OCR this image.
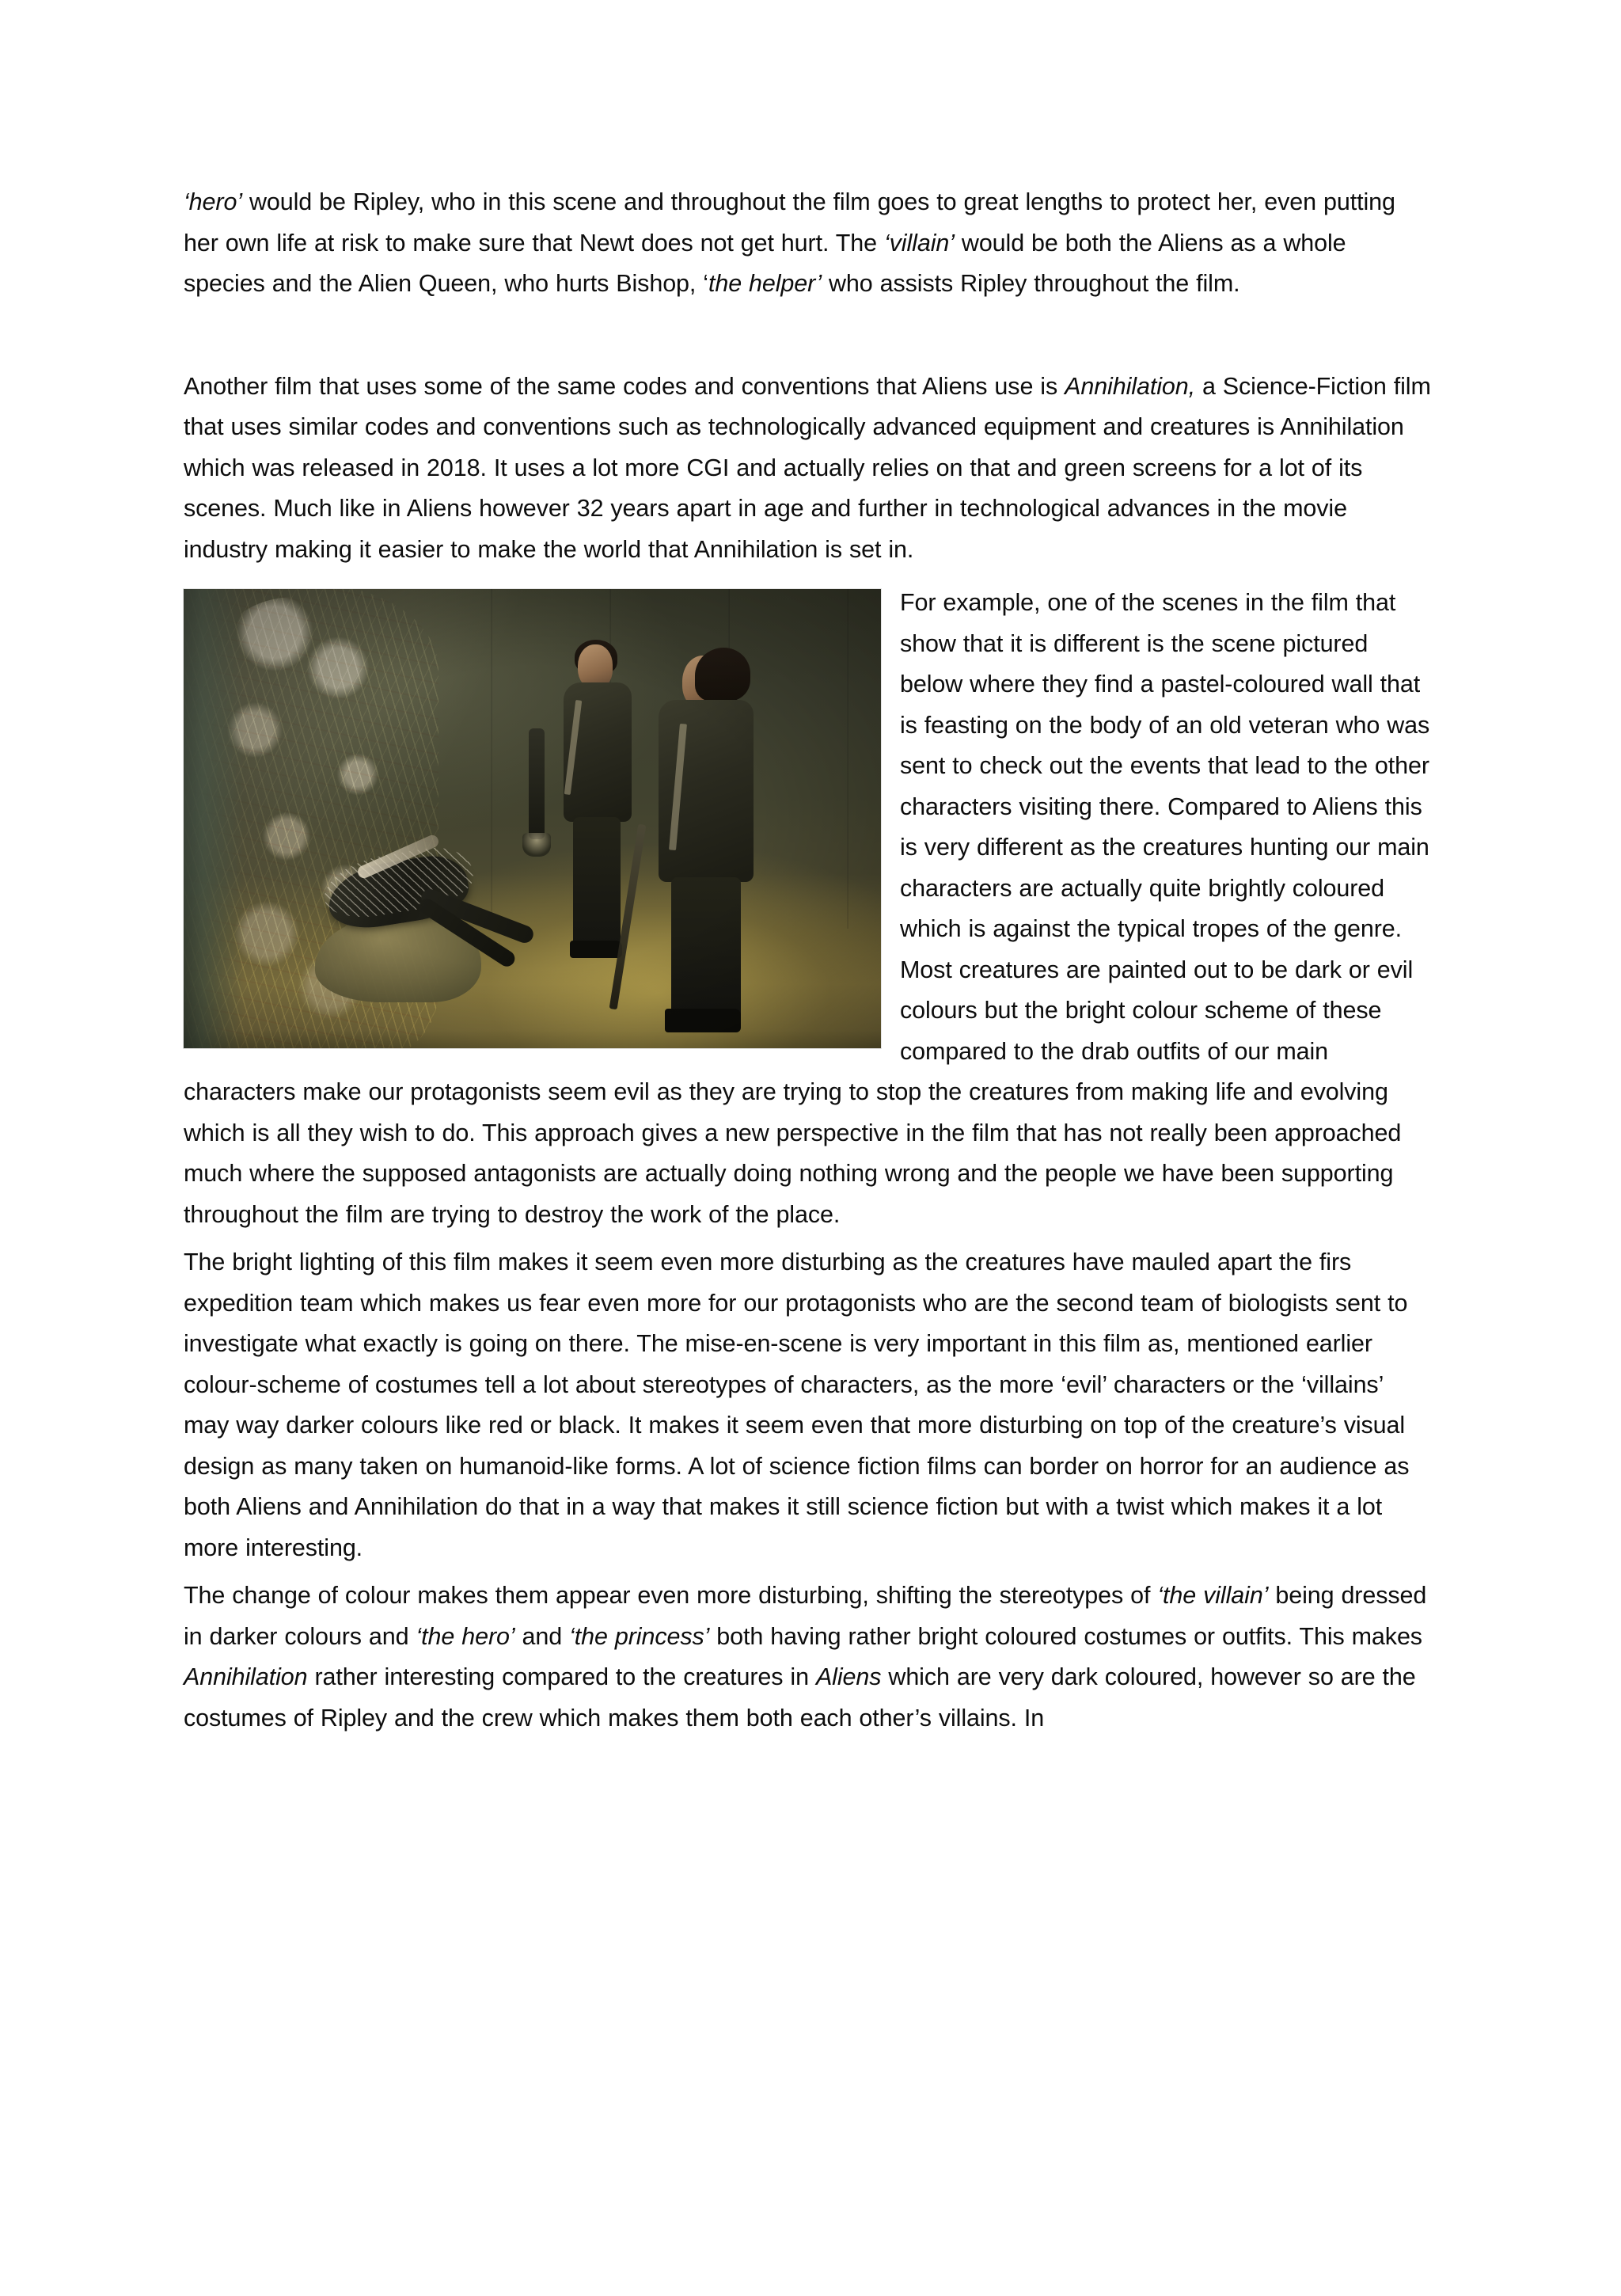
‘hero’ would be Ripley, who in this scene and throughout the film goes to great lengths to protect her, even putting her own life at risk to make sure that Newt does not get hurt. The ‘villain’ would be both the Aliens as a whole species and the Alien Queen, who hurts Bishop, ‘the helper’ who assists Ripley throughout the film.

Another film that uses some of the same codes and conventions that Aliens use is Annihilation, a Science-Fiction film that uses similar codes and conventions such as technologically advanced equipment and creatures is Annihilation which was released in 2018. It uses a lot more CGI and actually relies on that and green screens for a lot of its scenes. Much like in Aliens however 32 years apart in age and further in technological advances in the movie industry making it easier to make the world that Annihilation is set in.

For example, one of the scenes in the film that show that it is different is the scene pictured below where they find a pastel-coloured wall that is feasting on the body of an old veteran who was sent to check out the events that lead to the other characters visiting there. Compared to Aliens this is very different as the creatures hunting our main characters are actually quite brightly coloured which is against the typical tropes of the genre. Most creatures are painted out to be dark or evil colours but the bright colour scheme of these compared to the drab outfits of our main characters make our protagonists seem evil as they are trying to stop the creatures from making life and evolving which is all they wish to do. This approach gives a new perspective in the film that has not really been approached much where the supposed antagonists are actually doing nothing wrong and the people we have been supporting throughout the film are trying to destroy the work of the place.

The bright lighting of this film makes it seem even more disturbing as the creatures have mauled apart the firs expedition team which makes us fear even more for our protagonists who are the second team of biologists sent to investigate what exactly is going on there. The mise-en-scene is very important in this film as, mentioned earlier colour-scheme of costumes tell a lot about stereotypes of characters, as the more ‘evil’ characters or the ‘villains’ may way darker colours like red or black. It makes it seem even that more disturbing on top of the creature’s visual design as many taken on humanoid-like forms. A lot of science fiction films can border on horror for an audience as both Aliens and Annihilation do that in a way that makes it still science fiction but with a twist which makes it a lot more interesting.

The change of colour makes them appear even more disturbing, shifting the stereotypes of ‘the villain’ being dressed in darker colours and ‘the hero’ and ‘the princess’ both having rather bright coloured costumes or outfits. This makes Annihilation rather interesting compared to the creatures in Aliens which are very dark coloured, however so are the costumes of Ripley and the crew which makes them both each other’s villains. In
